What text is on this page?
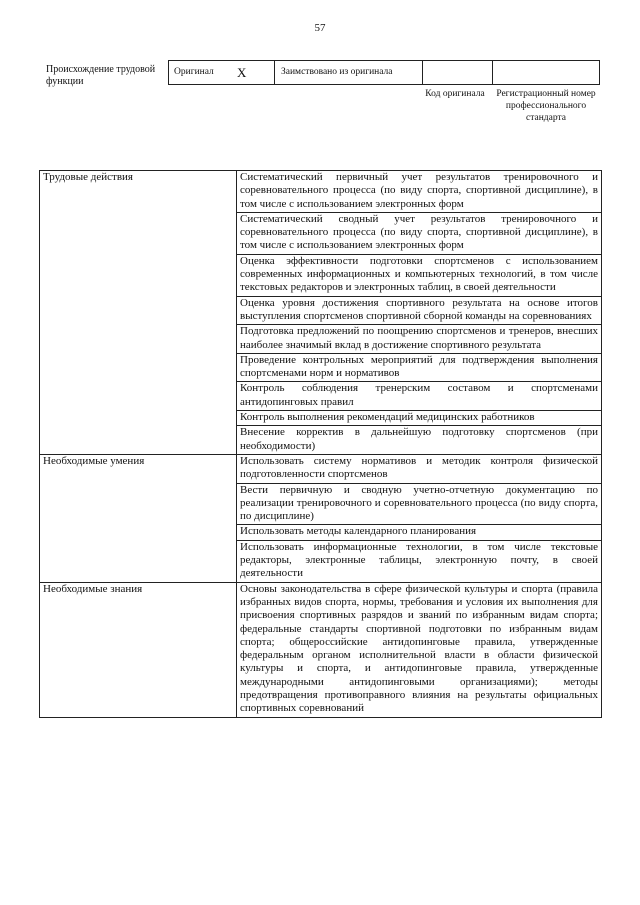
57
Происхождение трудовой функции
Оригинал X	Заимствовано из оригинала
Код оригинала	Регистрационный номер профессионального стандарта
Трудовые действия	Систематический первичный учет результатов тренировочного и соревновательного процесса (по виду спорта, спортивной дисциплине), в том числе с использованием электронных форм
	Систематический сводный учет результатов тренировочного и соревновательного процесса (по виду спорта, спортивной дисциплине), в том числе с использованием электронных форм
	Оценка эффективности подготовки спортсменов с использованием современных информационных и компьютерных технологий, в том числе текстовых редакторов и электронных таблиц, в своей деятельности
	Оценка уровня достижения спортивного результата на основе итогов выступления спортсменов спортивной сборной команды на соревнованиях
	Подготовка предложений по поощрению спортсменов и тренеров, внесших наиболее значимый вклад в достижение спортивного результата
	Проведение контрольных мероприятий для подтверждения выполнения спортсменами норм и нормативов
	Контроль соблюдения тренерским составом и спортсменами антидопинговых правил
	Контроль выполнения рекомендаций медицинских работников
	Внесение корректив в дальнейшую подготовку спортсменов (при необходимости)
Необходимые умения	Использовать систему нормативов и методик контроля физической подготовленности спортсменов
	Вести первичную и сводную учетно-отчетную документацию по реализации тренировочного и соревновательного процесса (по виду спорта, по дисциплине)
	Использовать методы календарного планирования
	Использовать информационные технологии, в том числе текстовые редакторы, электронные таблицы, электронную почту, в своей деятельности
Необходимые знания	Основы законодательства в сфере физической культуры и спорта (правила избранных видов спорта, нормы, требования и условия их выполнения для присвоения спортивных разрядов и званий по избранным видам спорта; федеральные стандарты спортивной подготовки по избранным видам спорта; общероссийские антидопинговые правила, утвержденные федеральным органом исполнительной власти в области физической культуры и спорта, и антидопинговые правила, утвержденные международными антидопинговыми организациями); методы предотвращения противоправного влияния на результаты официальных спортивных соревнований
